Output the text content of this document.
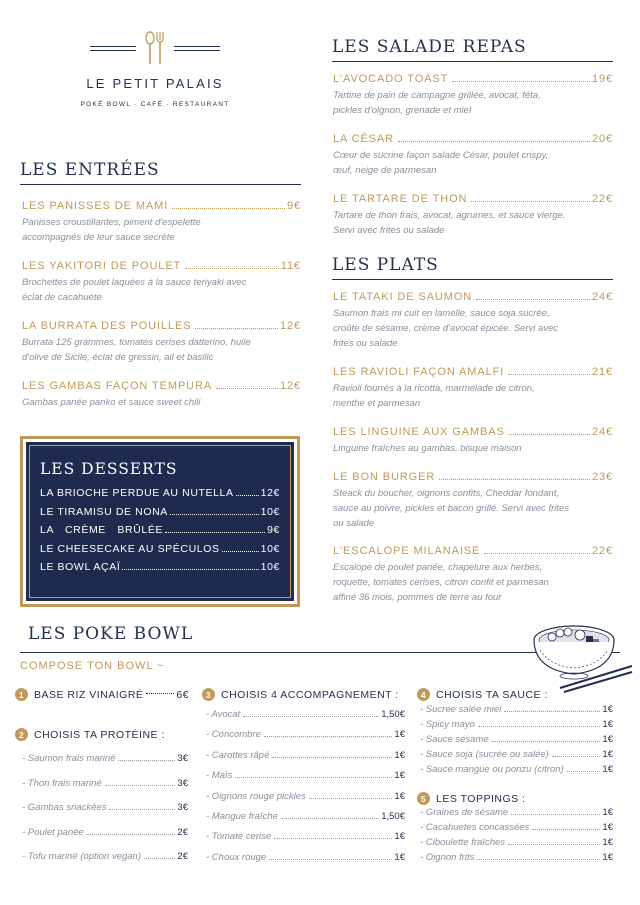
LE PETIT PALAIS
POKÉ BOWL · CAFÉ · RESTAURANT
LES ENTRÉES
LES PANISSES DE MAMI	9€
Panisses croustillantes, piment d'espelette
accompagnés de leur sauce secrète
LES YAKITORI DE POULET	11€
Brochettes de poulet laquées à la sauce teriyaki avec
éclat de cacahuète
LA BURRATA DES POUILLES	12€
Burrata 125 grammes, tomates cerises datterino, huile
d'olive de Sicile, éclat de gressin, ail et basilic
LES GAMBAS FAÇON TEMPURA	12€
Gambas panée panko et sauce sweet chili
LES DESSERTS
LA BRIOCHE PERDUE AU NUTELLA	12€
LE TIRAMISU DE NONA	10€
LA CRÈME BRÛLÉE	9€
LE CHEESECAKE AU SPÉCULOS	10€
LE BOWL AÇAÏ	10€
LES SALADE REPAS
L'AVOCADO TOAST	19€
Tartine de pain de campagne grillée, avocat, féta,
pickles d'oignon, grenade et miel
LA CÉSAR	20€
Cœur de sucrine façon salade César, poulet crispy,
œuf, neige de parmesan
LE TARTARE DE THON	22€
Tartare de thon frais, avocat, agrumes, et sauce vierge.
Servi avec frites ou salade
LES PLATS
LE TATAKI DE SAUMON	24€
Saumon frais mi cuit en lamelle, sauce soja sucrée,
croûte de sésame, crème d'avocat épicée. Servi avec
frites ou salade
LES RAVIOLI FAÇON AMALFI	21€
Ravioli fourrés à la ricotta, marmelade de citron,
menthe et parmesan
LES LINGUINE AUX GAMBAS	24€
Linguine fraîches au gambas, bisque maison
LE BON BURGER	23€
Steack du boucher, oignons confits, Cheddar fondant,
sauce au poivre, pickles et bacon grillé. Servi avec frites
ou salade
L'ESCALOPE MILANAISE	22€
Escalope de poulet panée, chapelure aux herbes,
roquette, tomates cerises, citron confit et parmesan
affiné 36 mois, pommes de terre au four
LES POKE BOWL
COMPOSE TON BOWL ~
1 BASE RIZ VINAIGRÉ	6€
2 CHOISIS TA PROTÉINE :
- Saumon frais mariné	3€
- Thon frais mariné	3€
- Gambas snackées	3€
- Poulet panée	2€
- Tofu mariné (option vegan)	2€
3 CHOISIS 4 ACCOMPAGNEMENT :
- Avocat	1,50€
- Concombre	1€
- Carottes râpé	1€
- Maïs	1€
- Oignons rouge pickles	1€
- Mangue fraîche	1,50€
- Tomate cerise	1€
- Choux rouge	1€
4 CHOISIS TA SAUCE :
- Sucree salée miel	1€
- Spicy mayo	1€
- Sauce sésame	1€
- Sauce soja (sucrée ou salée)	1€
- Sauce mangue ou ponzu (citron)	1€
5 LES TOPPINGS :
- Graines de sésame	1€
- Cacahuetes concassées	1€
- Ciboulette fraîches	1€
- Oignon frits	1€
